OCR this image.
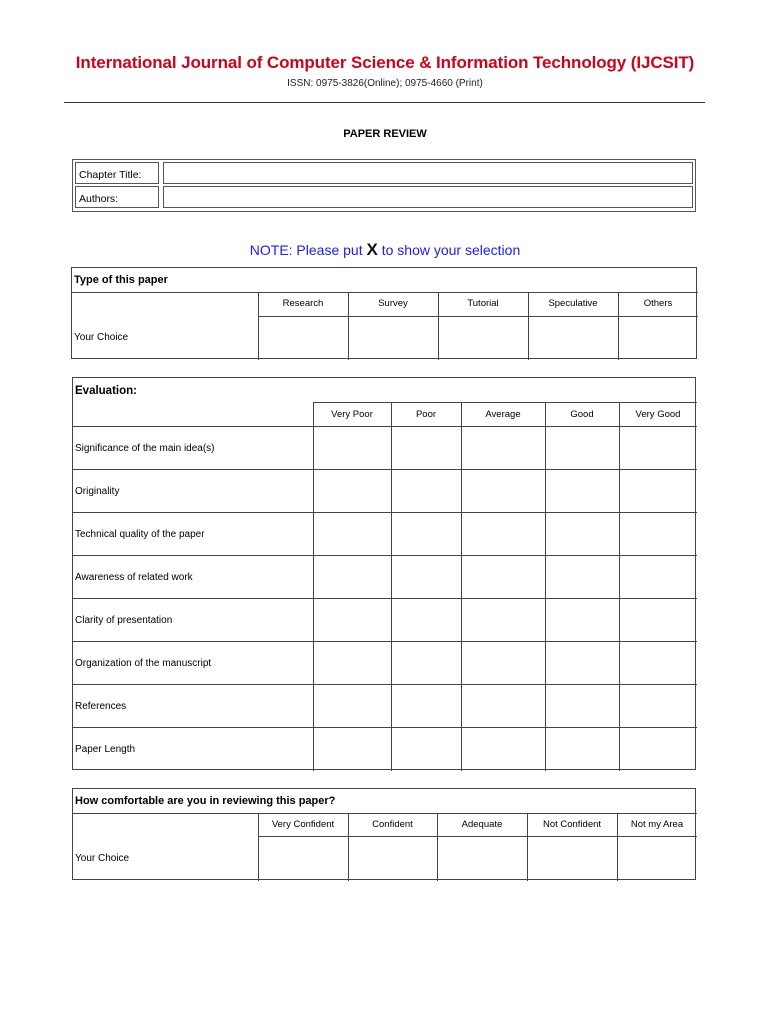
International Journal of Computer Science & Information Technology (IJCSIT)
ISSN: 0975-3826(Online); 0975-4660 (Print)
PAPER REVIEW
Chapter Title:
Authors:
NOTE: Please put X to show your selection
Type of this paper
Research	Survey	Tutorial	Speculative	Others
Your Choice
Evaluation:
Very Poor	Poor	Average	Good	Very Good
Significance of the main idea(s)
Originality
Technical quality of the paper
Awareness of related work
Clarity of presentation
Organization of the manuscript
References
Paper Length
How comfortable are you in reviewing this paper?
Very Confident	Confident	Adequate	Not Confident	Not my Area
Your Choice
